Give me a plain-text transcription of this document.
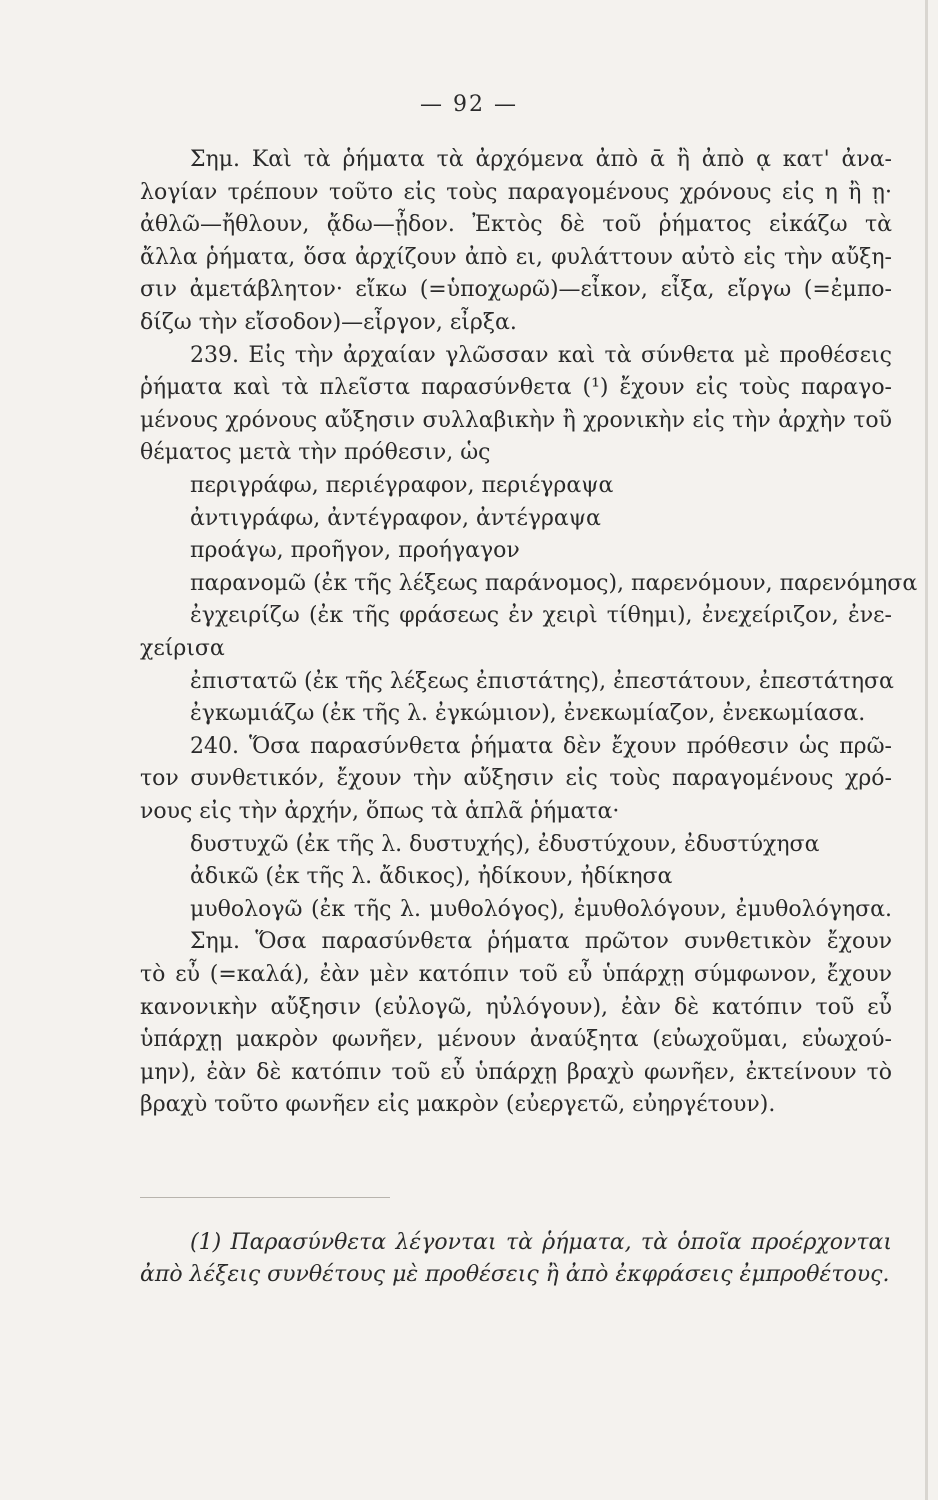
— 92 —
Σημ. Καὶ τὰ ῥήματα τὰ ἀρχόμενα ἀπὸ ᾱ ἢ ἀπὸ ᾳ κατ' ἀνα-
λογίαν τρέπουν τοῦτο εἰς τοὺς παραγομένους χρόνους εἰς η ἢ ῃ·
ἀθλῶ—ἤθλουν, ᾄδω—ᾖδον. Ἐκτὸς δὲ τοῦ ῥήματος εἰκάζω τὰ
ἄλλα ῥήματα, ὅσα ἀρχίζουν ἀπὸ ει, φυλάττουν αὐτὸ εἰς τὴν αὔξη-
σιν ἀμετάβλητον· εἴκω (=ὑποχωρῶ)—εἶκον, εἶξα, εἴργω (=ἐμπο-
δίζω τὴν εἴσοδον)—εἶργον, εἶρξα.
239. Εἰς τὴν ἀρχαίαν γλῶσσαν καὶ τὰ σύνθετα μὲ προθέσεις
ῥήματα καὶ τὰ πλεῖστα παρασύνθετα (¹) ἔχουν εἰς τοὺς παραγο-
μένους χρόνους αὔξησιν συλλαβικὴν ἢ χρονικὴν εἰς τὴν ἀρχὴν τοῦ
θέματος μετὰ τὴν πρόθεσιν, ὡς
περιγράφω, περιέγραφον, περιέγραψα
ἀντιγράφω, ἀντέγραφον, ἀντέγραψα
προάγω, προῆγον, προήγαγον
παρανομῶ (ἐκ τῆς λέξεως παράνομος), παρενόμουν, παρενόμησα
ἐγχειρίζω (ἐκ τῆς φράσεως ἐν χειρὶ τίθημι), ἐνεχείριζον, ἐνε-
χείρισα
ἐπιστατῶ (ἐκ τῆς λέξεως ἐπιστάτης), ἐπεστάτουν, ἐπεστάτησα
ἐγκωμιάζω (ἐκ τῆς λ. ἐγκώμιον), ἐνεκωμίαζον, ἐνεκωμίασα.
240. Ὅσα παρασύνθετα ῥήματα δὲν ἔχουν πρόθεσιν ὡς πρῶ-
τον συνθετικόν, ἔχουν τὴν αὔξησιν εἰς τοὺς παραγομένους χρό-
νους εἰς τὴν ἀρχήν, ὅπως τὰ ἁπλᾶ ῥήματα·
δυστυχῶ (ἐκ τῆς λ. δυστυχής), ἐδυστύχουν, ἐδυστύχησα
ἀδικῶ (ἐκ τῆς λ. ἄδικος), ἠδίκουν, ἠδίκησα
μυθολογῶ (ἐκ τῆς λ. μυθολόγος), ἐμυθολόγουν, ἐμυθολόγησα.
Σημ. Ὅσα παρασύνθετα ῥήματα πρῶτον συνθετικὸν ἔχουν
τὸ εὖ (=καλά), ἐὰν μὲν κατόπιν τοῦ εὖ ὑπάρχῃ σύμφωνον, ἔχουν
κανονικὴν αὔξησιν (εὐλογῶ, ηὐλόγουν), ἐὰν δὲ κατόπιν τοῦ εὖ
ὑπάρχῃ μακρὸν φωνῆεν, μένουν ἀναύξητα (εὐωχοῦμαι, εὐωχού-
μην), ἐὰν δὲ κατόπιν τοῦ εὖ ὑπάρχῃ βραχὺ φωνῆεν, ἐκτείνουν τὸ
βραχὺ τοῦτο φωνῆεν εἰς μακρὸν (εὐεργετῶ, εὐηργέτουν).
(1) Παρασύνθετα λέγονται τὰ ῥήματα, τὰ ὁποῖα προέρχονται
ἀπὸ λέξεις συνθέτους μὲ προθέσεις ἢ ἀπὸ ἐκφράσεις ἐμπροθέτους.
